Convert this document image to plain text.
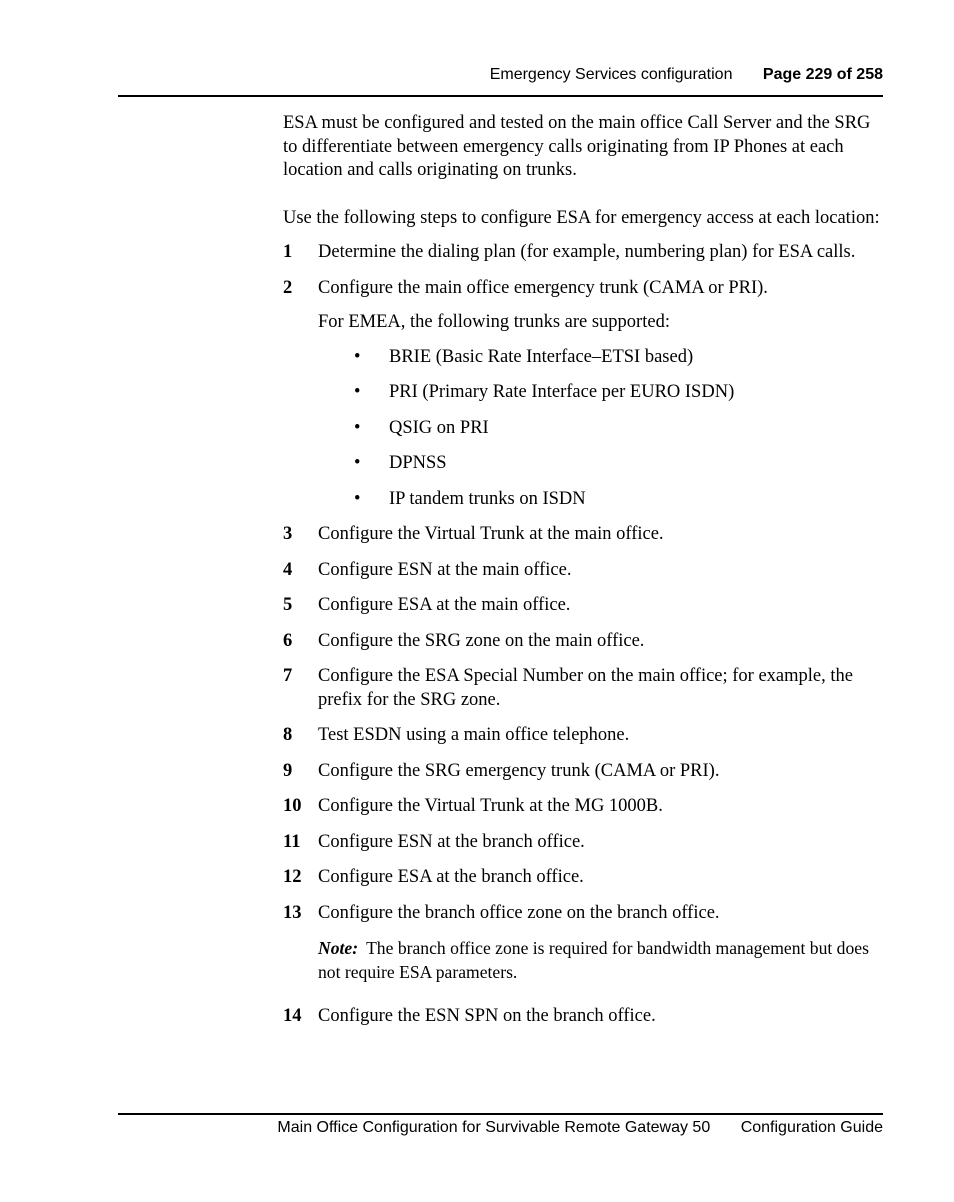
Emergency Services configuration Page 229 of 258

ESA must be configured and tested on the main office Call Server and the SRG to differentiate between emergency calls originating from IP Phones at each location and calls originating on trunks.

Use the following steps to configure ESA for emergency access at each location:

1 Determine the dialing plan (for example, numbering plan) for ESA calls.
2 Configure the main office emergency trunk (CAMA or PRI).
For EMEA, the following trunks are supported:
• BRIE (Basic Rate Interface–ETSI based)
• PRI (Primary Rate Interface per EURO ISDN)
• QSIG on PRI
• DPNSS
• IP tandem trunks on ISDN
3 Configure the Virtual Trunk at the main office.
4 Configure ESN at the main office.
5 Configure ESA at the main office.
6 Configure the SRG zone on the main office.
7 Configure the ESA Special Number on the main office; for example, the prefix for the SRG zone.
8 Test ESDN using a main office telephone.
9 Configure the SRG emergency trunk (CAMA or PRI).
10 Configure the Virtual Trunk at the MG 1000B.
11 Configure ESN at the branch office.
12 Configure ESA at the branch office.
13 Configure the branch office zone on the branch office.
Note: The branch office zone is required for bandwidth management but does not require ESA parameters.
14 Configure the ESN SPN on the branch office.
Main Office Configuration for Survivable Remote Gateway 50 Configuration Guide
